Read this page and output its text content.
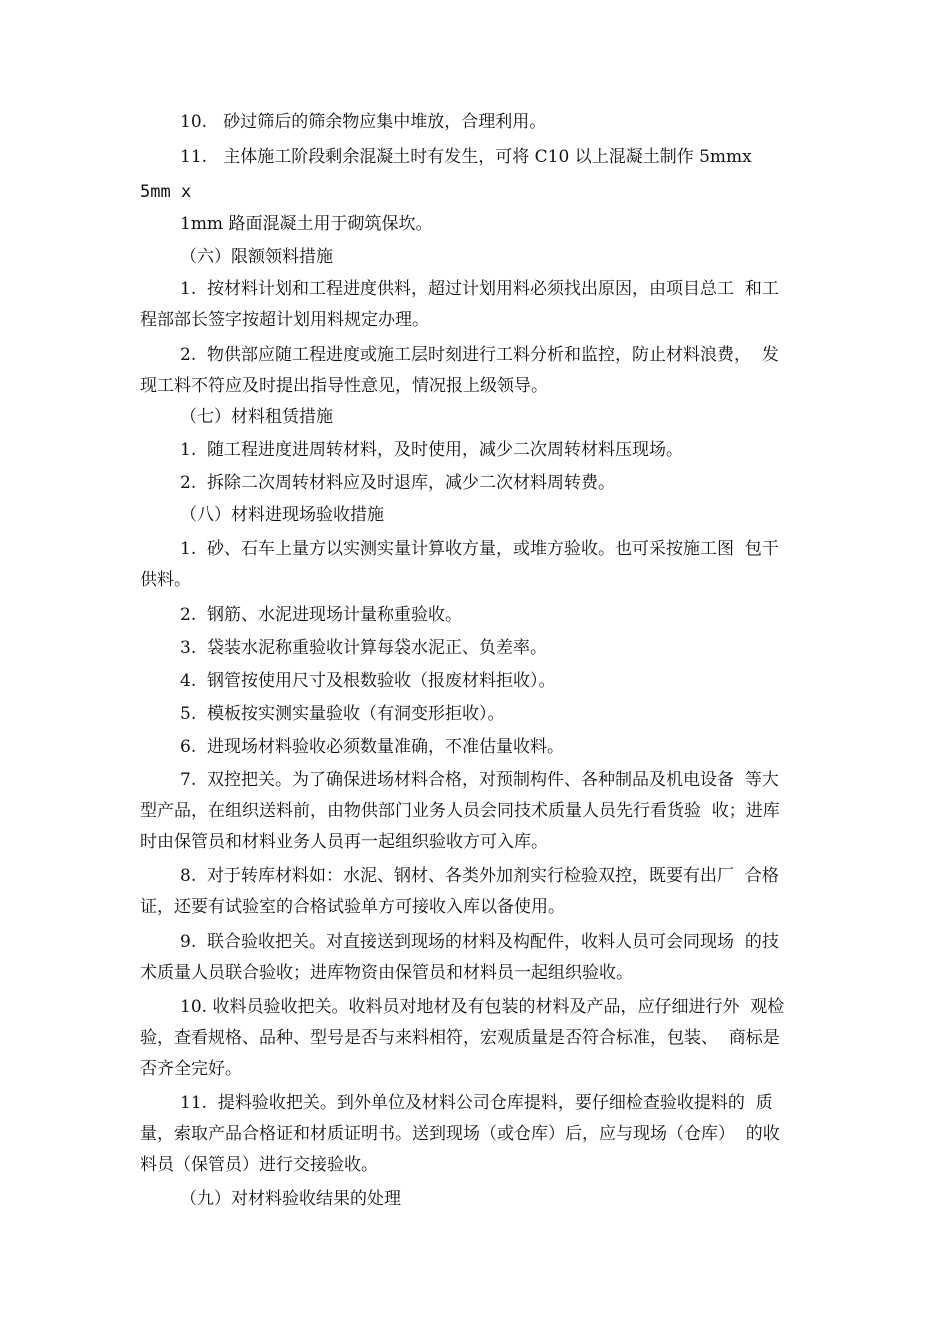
10.   砂过筛后的筛余物应集中堆放，合理利用。

11.   主体施工阶段剩余混凝土时有发生，可将 C10 以上混凝土制作 5mmx

5mm x

1mm 路面混凝土用于砌筑保坎。

（六）限额领料措施

1.  按材料计划和工程进度供料，超过计划用料必须找出原因，由项目总工  和工

程部部长签字按超计划用料规定办理。

2.  物供部应随工程进度或施工层时刻进行工料分析和监控，防止材料浪费，  发

现工料不符应及时提出指导性意见，情况报上级领导。

（七）材料租赁措施

1.  随工程进度进周转材料，及时使用，减少二次周转材料压现场。

2.  拆除二次周转材料应及时退库，减少二次材料周转费。

（八）材料进现场验收措施

1.  砂、石车上量方以实测实量计算收方量，或堆方验收。也可采按施工图  包干

供料。

2.  钢筋、水泥进现场计量称重验收。

3.  袋装水泥称重验收计算每袋水泥正、负差率。

4.  钢管按使用尺寸及根数验收（报废材料拒收）。

5.  模板按实测实量验收（有洞变形拒收）。

6.  进现场材料验收必须数量准确，不准估量收料。

7.  双控把关。为了确保进场材料合格，对预制构件、各种制品及机电设备  等大

型产品，在组织送料前，由物供部门业务人员会同技术质量人员先行看货验  收；进库

时由保管员和材料业务人员再一起组织验收方可入库。

8.  对于转库材料如：水泥、钢材、各类外加剂实行检验双控，既要有出厂  合格

证，还要有试验室的合格试验单方可接收入库以备使用。

9.  联合验收把关。对直接送到现场的材料及构配件，收料人员可会同现场  的技

术质量人员联合验收；进库物资由保管员和材料员一起组织验收。

10. 收料员验收把关。收料员对地材及有包装的材料及产品，应仔细进行外  观检

验，查看规格、品种、型号是否与来料相符，宏观质量是否符合标准，包装、  商标是

否齐全完好。

11.  提料验收把关。到外单位及材料公司仓库提料，要仔细检查验收提料的  质

量，索取产品合格证和材质证明书。送到现场（或仓库）后，应与现场（仓库）  的收

料员（保管员）进行交接验收。

（九）对材料验收结果的处理
